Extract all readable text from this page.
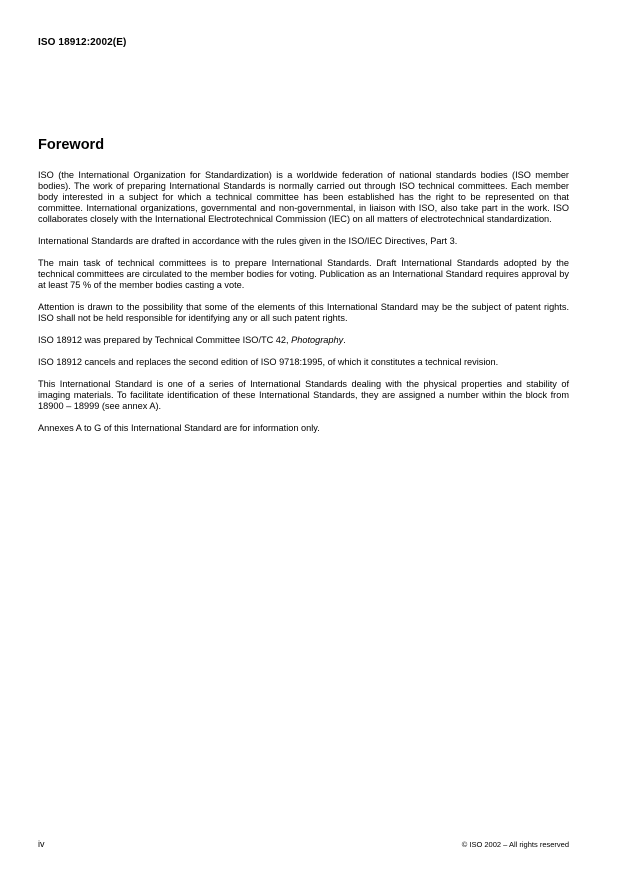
ISO 18912:2002(E)
Foreword

ISO (the International Organization for Standardization) is a worldwide federation of national standards bodies (ISO member bodies). The work of preparing International Standards is normally carried out through ISO technical committees. Each member body interested in a subject for which a technical committee has been established has the right to be represented on that committee. International organizations, governmental and non-governmental, in liaison with ISO, also take part in the work. ISO collaborates closely with the International Electrotechnical Commission (IEC) on all matters of electrotechnical standardization.

International Standards are drafted in accordance with the rules given in the ISO/IEC Directives, Part 3.

The main task of technical committees is to prepare International Standards. Draft International Standards adopted by the technical committees are circulated to the member bodies for voting. Publication as an International Standard requires approval by at least 75 % of the member bodies casting a vote.

Attention is drawn to the possibility that some of the elements of this International Standard may be the subject of patent rights. ISO shall not be held responsible for identifying any or all such patent rights.

ISO 18912 was prepared by Technical Committee ISO/TC 42, Photography.

ISO 18912 cancels and replaces the second edition of ISO 9718:1995, of which it constitutes a technical revision.

This International Standard is one of a series of International Standards dealing with the physical properties and stability of imaging materials. To facilitate identification of these International Standards, they are assigned a number within the block from 18900 – 18999 (see annex A).

Annexes A to G of this International Standard are for information only.

iv	© ISO 2002 – All rights reserved
